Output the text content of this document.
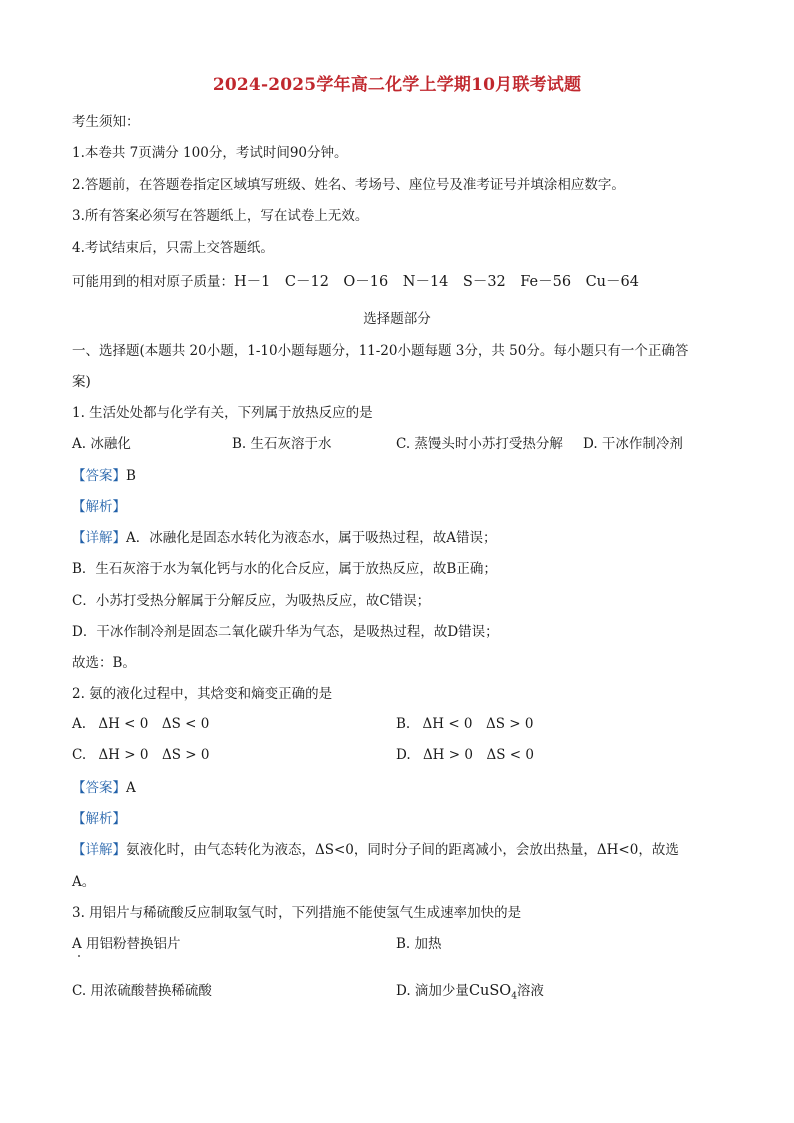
2024-2025学年高二化学上学期10月联考试题
考生须知：
1.本卷共 7页满分 100分，考试时间90分钟。
2.答题前，在答题卷指定区域填写班级、姓名、考场号、座位号及准考证号并填涂相应数字。
3.所有答案必须写在答题纸上，写在试卷上无效。
4.考试结束后，只需上交答题纸。
可能用到的相对原子质量：H－1　C－12　O－16　N－14　S－32　Fe－56　Cu－64
选择题部分
一、选择题(本题共 20小题，1-10小题每题分，11-20小题每题 3分，共 50分。每小题只有一个正确答
案)
1. 生活处处都与化学有关，下列属于放热反应的是
A. 冰融化	B. 生石灰溶于水	C. 蒸馒头时小苏打受热分解 D. 干冰作制冷剂
【答案】B
【解析】
【详解】A．冰融化是固态水转化为液态水，属于吸热过程，故A错误；
B．生石灰溶于水为氧化钙与水的化合反应，属于放热反应，故B正确；
C．小苏打受热分解属于分解反应，为吸热反应，故C错误；
D．干冰作制冷剂是固态二氧化碳升华为气态，是吸热过程，故D错误；
故选：B。
2. 氨的液化过程中，其焓变和熵变正确的是
A. ΔH < 0　ΔS < 0	B. ΔH < 0　ΔS > 0
C. ΔH > 0　ΔS > 0	D. ΔH > 0　ΔS < 0
【答案】A
【解析】
【详解】氨液化时，由气态转化为液态，ΔS<0，同时分子间的距离减小，会放出热量，ΔH<0，故选
A。
3. 用铝片与稀硫酸反应制取氢气时，下列措施不能使氢气生成速率加快的是
A 用铝粉替换铝片	B. 加热
C. 用浓硫酸替换稀硫酸	D. 滴加少量CuSO$_4$溶液
